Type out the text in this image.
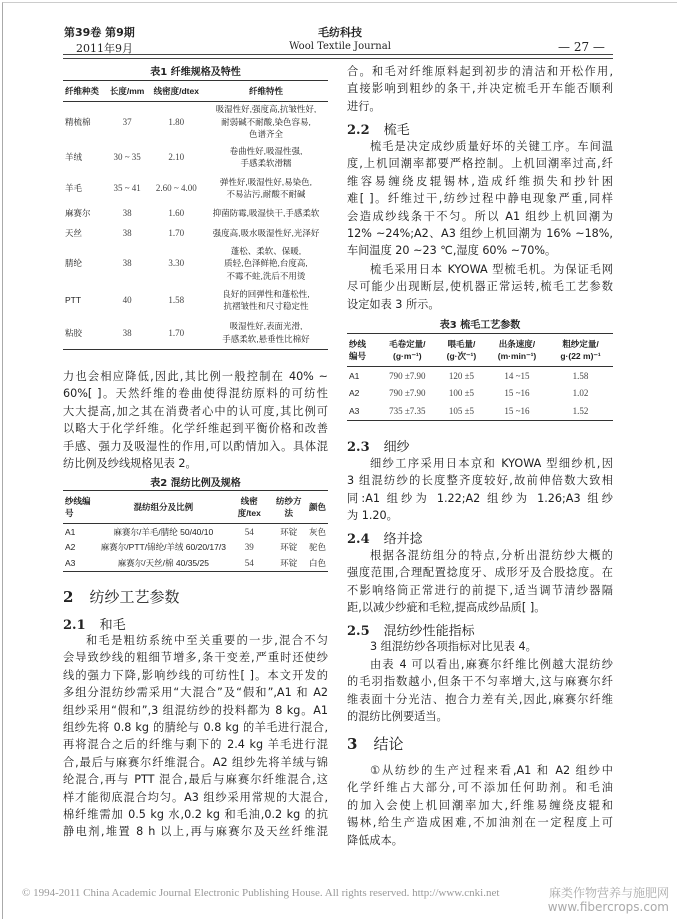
第39卷 第9期
2011年9月
毛纺科技
Wool Textile Journal	— 27 —
表1 纤维规格及特性
纤维种类	长度/mm	线密度/dtex	纤维特性
精梳棉	37	1.80	吸湿性好,强度高,抗皱性好,
耐弱碱不耐酸,染色容易,
色谱齐全
羊绒	30 ~ 35	2.10	卷曲性好,吸湿性强,
手感柔软滑糯
羊毛	35 ~ 41	2.60 ~ 4.00	弹性好,吸湿性好,易染色,
不易沾污,耐酸不耐碱
麻赛尔	38	1.60	抑菌防霉,吸湿快干,手感柔软
天丝	38	1.70	强度高,吸水吸湿性好,光泽好
腈纶	38	3.30	蓬松、柔软、保暖,
质轻,色泽鲜艳,台度高,
不霉不蛀,洗后不用烫
PTT	40	1.58	良好的回弹性和蓬松性,
抗褶皱性和尺寸稳定性
粘胶	38	1.70	吸湿性好,表面光滑,
手感柔软,悬垂性比棉好
力也会相应降低,因此,其比例一般控制在 40% ~
60%[ ]。天然纤维的卷曲使得混纺原料的可纺性
大大提高,加之其在消费者心中的认可度,其比例可
以略大于化学纤维。化学纤维起到平衡价格和改善
手感、强力及吸湿性的作用,可以酌情加入。具体混
纺比例及纱线规格见表 2。
表2 混纺比例及规格
纱线编号	混纺组分及比例	线密度/tex	纺纱方法	颜色
A1	麻赛尔/羊毛/腈纶 50/40/10	54	环锭	灰色
A2	麻赛尔/PTT/锦纶/羊绒 60/20/17/3	39	环锭	驼色
A3	麻赛尔/天丝/棉 40/35/25	54	环锭	白色
2 纺纱工艺参数
2.1 和毛
和毛是粗纺系统中至关重要的一步,混合不匀
会导致纱线的粗细节增多,条干变差,严重时还使纱
线的强力下降,影响纱线的可纺性[ ]。本文开发的
多组分混纺纱需采用“大混合”及“假和”,A1 和 A2
组纱采用“假和”,3 组混纺纱的投料都为 8 kg。A1
组纱先将 0.8 kg 的腈纶与 0.8 kg 的羊毛进行混合,
再将混合之后的纤维与剩下的 2.4 kg 羊毛进行混
合,最后与麻赛尔纤维混合。A2 组纱先将羊绒与锦
纶混合,再与 PTT 混合,最后与麻赛尔纤维混合,这
样才能彻底混合均匀。A3 组纱采用常规的大混合,
棉纤维需加 0.5 kg 水,0.2 kg 和毛油,0.2 kg 的抗
静电剂,堆置 8 h 以上,再与麻赛尔及天丝纤维混
合。和毛对纤维原料起到初步的清洁和开松作用,
直接影响到粗纱的条干,并决定梳毛开车能否顺利
进行。
2.2 梳毛
梳毛是决定成纱质量好坏的关键工序。车间温
度,上机回潮率都要严格控制。上机回潮率过高,纤
维容易缠绕皮辊锡林,造成纤维损失和抄针困
难[ ]。纤维过干,纺纱过程中静电现象严重,同样
会造成纱线条干不匀。所以 A1 组纱上机回潮为
12% ~24%;A2、A3 组纱上机回潮为 16% ~18%,
车间温度 20 ~23 ℃,湿度 60% ~70%。
梳毛采用日本 KYOWA 型梳毛机。为保证毛网
尽可能少出现断层,使机器正常运转,梳毛工艺参数
设定如表 3 所示。
表3 梳毛工艺参数
纱线
编号	毛卷定量/
(g·m⁻¹)	喂毛量/
(g·次⁻¹)	出条速度/
(m·min⁻¹)	粗纱定量/
g·(22 m)⁻¹
A1	790 ±7.90	120 ±5	14 ~15	1.58
A2	790 ±7.90	100 ±5	15 ~16	1.02
A3	735 ±7.35	105 ±5	15 ~16	1.52
2.3 细纱
细纱工序采用日本京和 KYOWA 型细纱机,因
3 组混纺纱的长度整齐度较好,故前伸倍数大致相
同:A1 组纱为 1.22;A2 组纱为 1.26;A3 组纱
为 1.20。
2.4 络并捻
根据各混纺组分的特点,分析出混纺纱大概的
强度范围,合理配置捻度牙、成形牙及合股捻度。在
不影响络筒正常进行的前提下,适当调节清纱器隔
距,以减少纱疵和毛粒,提高成纱品质[ ]。
2.5 混纺纱性能指标
3 组混纺纱各项指标对比见表 4。
由表 4 可以看出,麻赛尔纤维比例越大混纺纱
的毛羽指数越小,但条干不匀率增大,这与麻赛尔纤
维表面十分光洁、抱合力差有关,因此,麻赛尔纤维
的混纺比例要适当。
3 结论
①从纺纱的生产过程来看,A1 和 A2 组纱中
化学纤维占大部分,可不添加任何助剂。和毛油
的加入会使上机回潮率加大,纤维易缠绕皮辊和
锡林,给生产造成困难,不加油剂在一定程度上可
降低成本。
© 1994-2011 China Academic Journal Electronic Publishing House. All rights reserved. http://www.cnki.net	麻类作物营养与施肥网
www.fibercrops.com
